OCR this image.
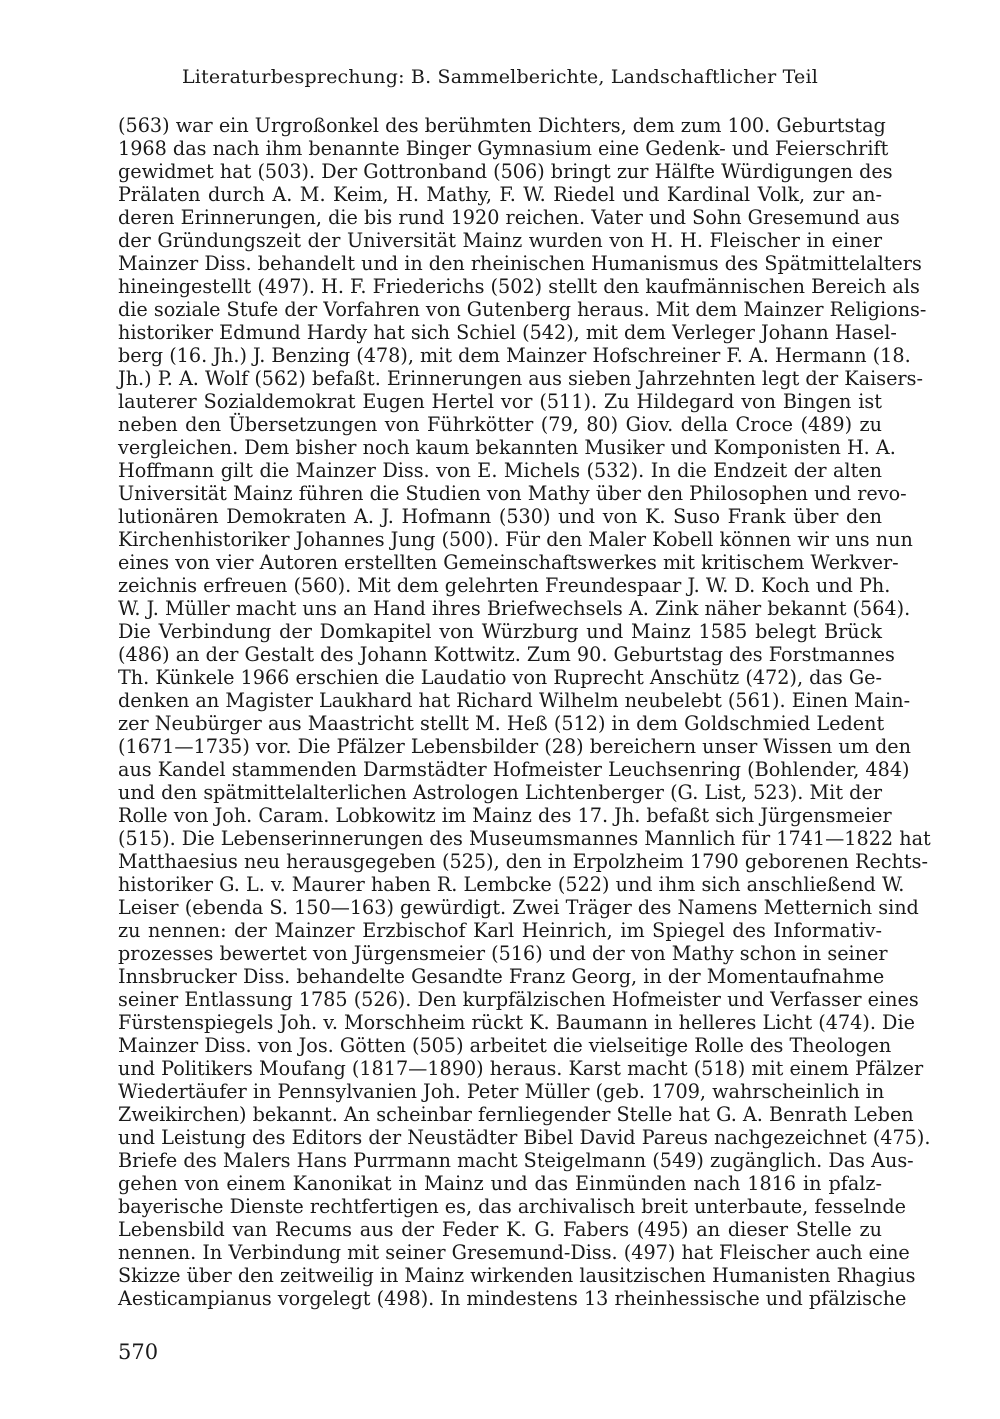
Literaturbesprechung: B. Sammelberichte, Landschaftlicher Teil
(563) war ein Urgroßonkel des berühmten Dichters, dem zum 100. Geburtstag
1968 das nach ihm benannte Binger Gymnasium eine Gedenk- und Feierschrift
gewidmet hat (503). Der Gottronband (506) bringt zur Hälfte Würdigungen des
Prälaten durch A. M. Keim, H. Mathy, F. W. Riedel und Kardinal Volk, zur an-
deren Erinnerungen, die bis rund 1920 reichen. Vater und Sohn Gresemund aus
der Gründungszeit der Universität Mainz wurden von H. H. Fleischer in einer
Mainzer Diss. behandelt und in den rheinischen Humanismus des Spätmittelalters
hineingestellt (497). H. F. Friederichs (502) stellt den kaufmännischen Bereich als
die soziale Stufe der Vorfahren von Gutenberg heraus. Mit dem Mainzer Religions-
historiker Edmund Hardy hat sich Schiel (542), mit dem Verleger Johann Hasel-
berg (16. Jh.) J. Benzing (478), mit dem Mainzer Hofschreiner F. A. Hermann (18.
Jh.) P. A. Wolf (562) befaßt. Erinnerungen aus sieben Jahrzehnten legt der Kaisers-
lauterer Sozialdemokrat Eugen Hertel vor (511). Zu Hildegard von Bingen ist
neben den Übersetzungen von Führkötter (79, 80) Giov. della Croce (489) zu
vergleichen. Dem bisher noch kaum bekannten Musiker und Komponisten H. A.
Hoffmann gilt die Mainzer Diss. von E. Michels (532). In die Endzeit der alten
Universität Mainz führen die Studien von Mathy über den Philosophen und revo-
lutionären Demokraten A. J. Hofmann (530) und von K. Suso Frank über den
Kirchenhistoriker Johannes Jung (500). Für den Maler Kobell können wir uns nun
eines von vier Autoren erstellten Gemeinschaftswerkes mit kritischem Werkver-
zeichnis erfreuen (560). Mit dem gelehrten Freundespaar J. W. D. Koch und Ph.
W. J. Müller macht uns an Hand ihres Briefwechsels A. Zink näher bekannt (564).
Die Verbindung der Domkapitel von Würzburg und Mainz 1585 belegt Brück
(486) an der Gestalt des Johann Kottwitz. Zum 90. Geburtstag des Forstmannes
Th. Künkele 1966 erschien die Laudatio von Ruprecht Anschütz (472), das Ge-
denken an Magister Laukhard hat Richard Wilhelm neubelebt (561). Einen Main-
zer Neubürger aus Maastricht stellt M. Heß (512) in dem Goldschmied Ledent
(1671—1735) vor. Die Pfälzer Lebensbilder (28) bereichern unser Wissen um den
aus Kandel stammenden Darmstädter Hofmeister Leuchsenring (Bohlender, 484)
und den spätmittelalterlichen Astrologen Lichtenberger (G. List, 523). Mit der
Rolle von Joh. Caram. Lobkowitz im Mainz des 17. Jh. befaßt sich Jürgensmeier
(515). Die Lebenserinnerungen des Museumsmannes Mannlich für 1741—1822 hat
Matthaesius neu herausgegeben (525), den in Erpolzheim 1790 geborenen Rechts-
historiker G. L. v. Maurer haben R. Lembcke (522) und ihm sich anschließend W.
Leiser (ebenda S. 150—163) gewürdigt. Zwei Träger des Namens Metternich sind
zu nennen: der Mainzer Erzbischof Karl Heinrich, im Spiegel des Informativ-
prozesses bewertet von Jürgensmeier (516) und der von Mathy schon in seiner
Innsbrucker Diss. behandelte Gesandte Franz Georg, in der Momentaufnahme
seiner Entlassung 1785 (526). Den kurpfälzischen Hofmeister und Verfasser eines
Fürstenspiegels Joh. v. Morschheim rückt K. Baumann in helleres Licht (474). Die
Mainzer Diss. von Jos. Götten (505) arbeitet die vielseitige Rolle des Theologen
und Politikers Moufang (1817—1890) heraus. Karst macht (518) mit einem Pfälzer
Wiedertäufer in Pennsylvanien Joh. Peter Müller (geb. 1709, wahrscheinlich in
Zweikirchen) bekannt. An scheinbar fernliegender Stelle hat G. A. Benrath Leben
und Leistung des Editors der Neustädter Bibel David Pareus nachgezeichnet (475).
Briefe des Malers Hans Purrmann macht Steigelmann (549) zugänglich. Das Aus-
gehen von einem Kanonikat in Mainz und das Einmünden nach 1816 in pfalz-
bayerische Dienste rechtfertigen es, das archivalisch breit unterbaute, fesselnde
Lebensbild van Recums aus der Feder K. G. Fabers (495) an dieser Stelle zu
nennen. In Verbindung mit seiner Gresemund-Diss. (497) hat Fleischer auch eine
Skizze über den zeitweilig in Mainz wirkenden lausitzischen Humanisten Rhagius
Aesticampianus vorgelegt (498). In mindestens 13 rheinhessische und pfälzische
570
